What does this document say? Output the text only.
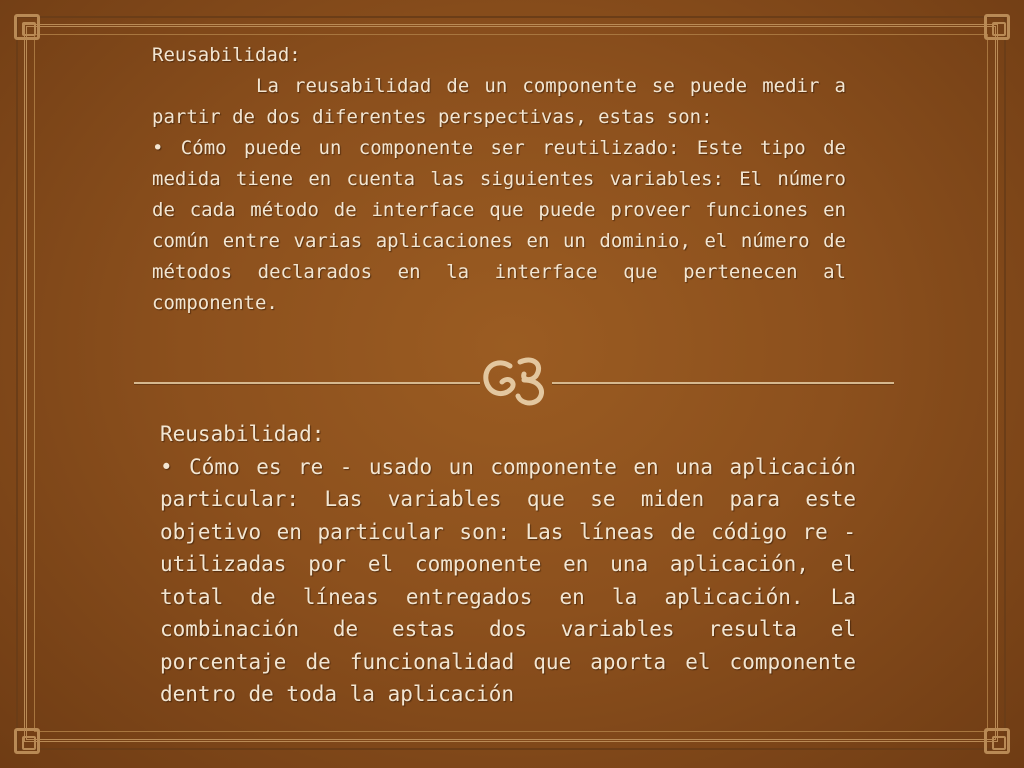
Reusabilidad:

La reusabilidad de un componente se puede medir a partir de dos diferentes perspectivas, estas son:

• Cómo puede un componente ser reutilizado: Este tipo de medida tiene en cuenta las siguientes variables: El número de cada método de interface que puede proveer funciones en común entre varias aplicaciones en un dominio, el número de métodos declarados en la interface que pertenecen al componente.

Reusabilidad:

• Cómo es re - usado un componente en una aplicación particular: Las variables que se miden para este objetivo en particular son: Las líneas de código re - utilizadas por el componente en una aplicación, el total de líneas entregados en la aplicación. La combinación de estas dos variables resulta el porcentaje de funcionalidad que aporta el componente dentro de toda la aplicación
